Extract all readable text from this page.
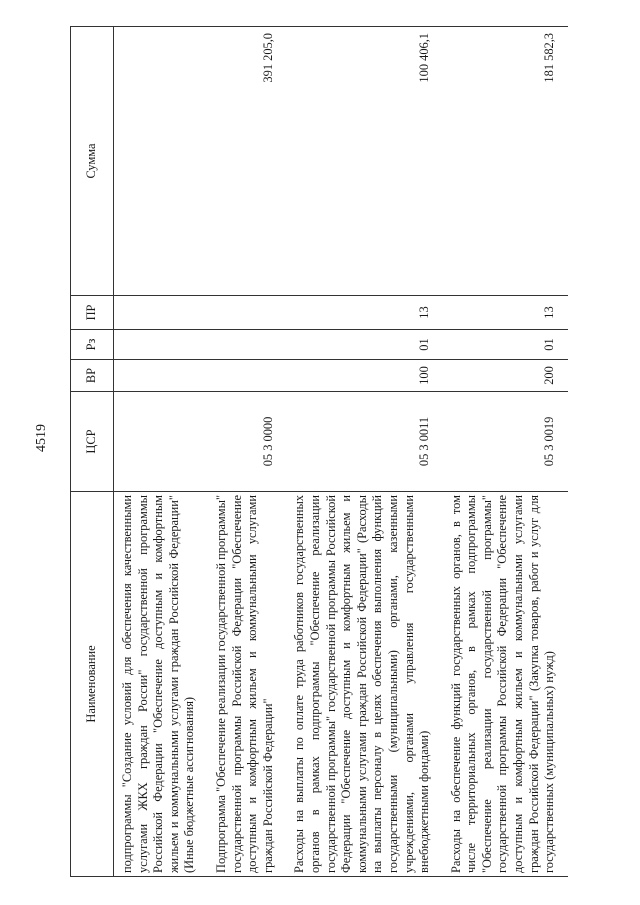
4519
Наименование	ЦСР	ВР	Рз	ПР	Сумма
подпрограммы "Создание условий для обеспечения качественными услугами ЖКХ граждан России" государственной программы Российской Федерации "Обеспечение доступным и комфортным жильем и коммунальными услугами граждан Российской Федерации" (Иные бюджетные ассигнования)					
Подпрограмма "Обеспечение реализации государственной программы" государственной программы Российской Федерации "Обеспечение доступным и комфортным жильем и коммунальными услугами граждан Российской Федерации"	05 3 0000				391 205,0
Расходы на выплаты по оплате труда работников государственных органов в рамках подпрограммы "Обеспечение реализации государственной программы" государственной программы Российской Федерации "Обеспечение доступным и комфортным жильем и коммунальными услугами граждан Российской Федерации" (Расходы на выплаты персоналу в целях обеспечения выполнения функций государственными (муниципальными) органами, казенными учреждениями, органами управления государственными внебюджетными фондами)	05 3 0011	100	01	13	100 406,1
Расходы на обеспечение функций государственных органов, в том числе территориальных органов, в рамках подпрограммы "Обеспечение реализации государственной программы" государственной программы Российской Федерации "Обеспечение доступным и комфортным жильем и коммунальными услугами граждан Российской Федерации" (Закупка товаров, работ и услуг для государственных (муниципальных) нужд)	05 3 0019	200	01	13	181 582,3
